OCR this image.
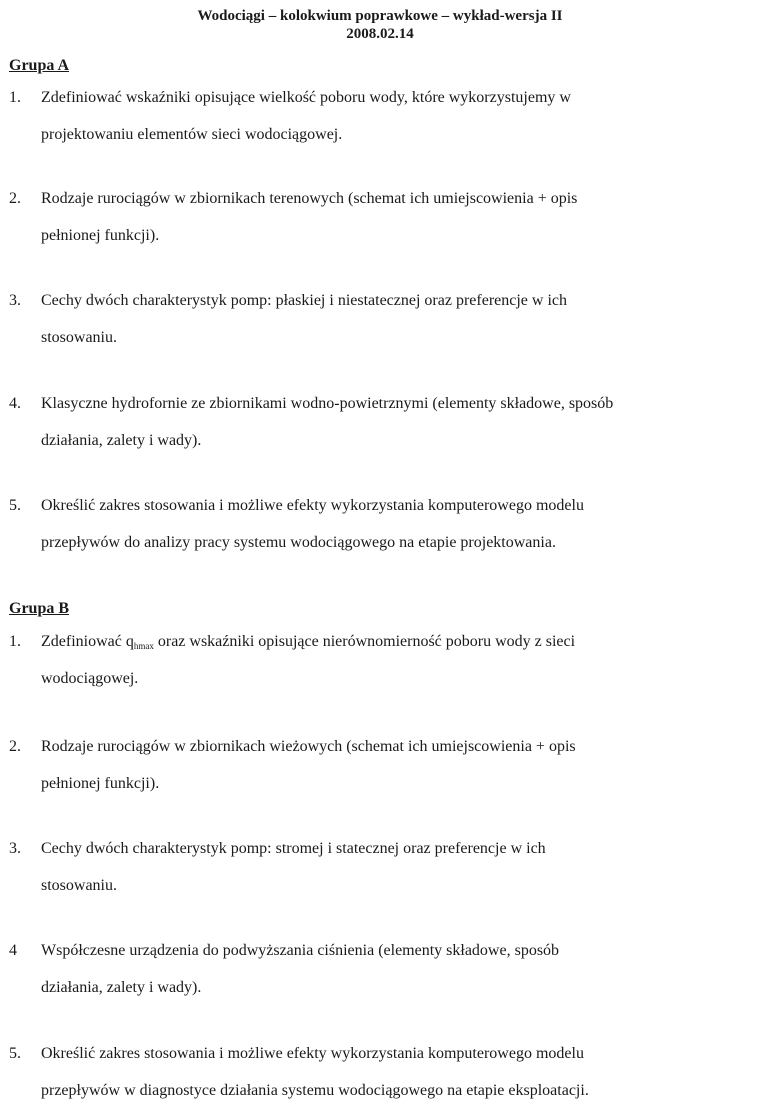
Wodociągi – kolokwium poprawkowe – wykład-wersja II
2008.02.14
Grupa A
1. Zdefiniować wskaźniki opisujące wielkość poboru wody, które wykorzystujemy w
projektowaniu elementów sieci wodociągowej.
2. Rodzaje rurociągów w zbiornikach terenowych (schemat ich umiejscowienia + opis
pełnionej funkcji).
3. Cechy dwóch charakterystyk pomp: płaskiej i niestatecznej oraz preferencje w ich
stosowaniu.
4. Klasyczne hydrofornie ze zbiornikami wodno-powietrznymi (elementy składowe, sposób
działania, zalety i wady).
5. Określić zakres stosowania i możliwe efekty wykorzystania komputerowego modelu
przepływów do analizy pracy systemu wodociągowego na etapie projektowania.
Grupa B
1. Zdefiniować $q_{hmax}$ oraz wskaźniki opisujące nierównomierność poboru wody z sieci
wodociągowej.
2. Rodzaje rurociągów w zbiornikach wieżowych (schemat ich umiejscowienia + opis
pełnionej funkcji).
3. Cechy dwóch charakterystyk pomp: stromej i statecznej oraz preferencje w ich
stosowaniu.
4 Współczesne urządzenia do podwyższania ciśnienia (elementy składowe, sposób
działania, zalety i wady).
5. Określić zakres stosowania i możliwe efekty wykorzystania komputerowego modelu
przepływów w diagnostyce działania systemu wodociągowego na etapie eksploatacji.
